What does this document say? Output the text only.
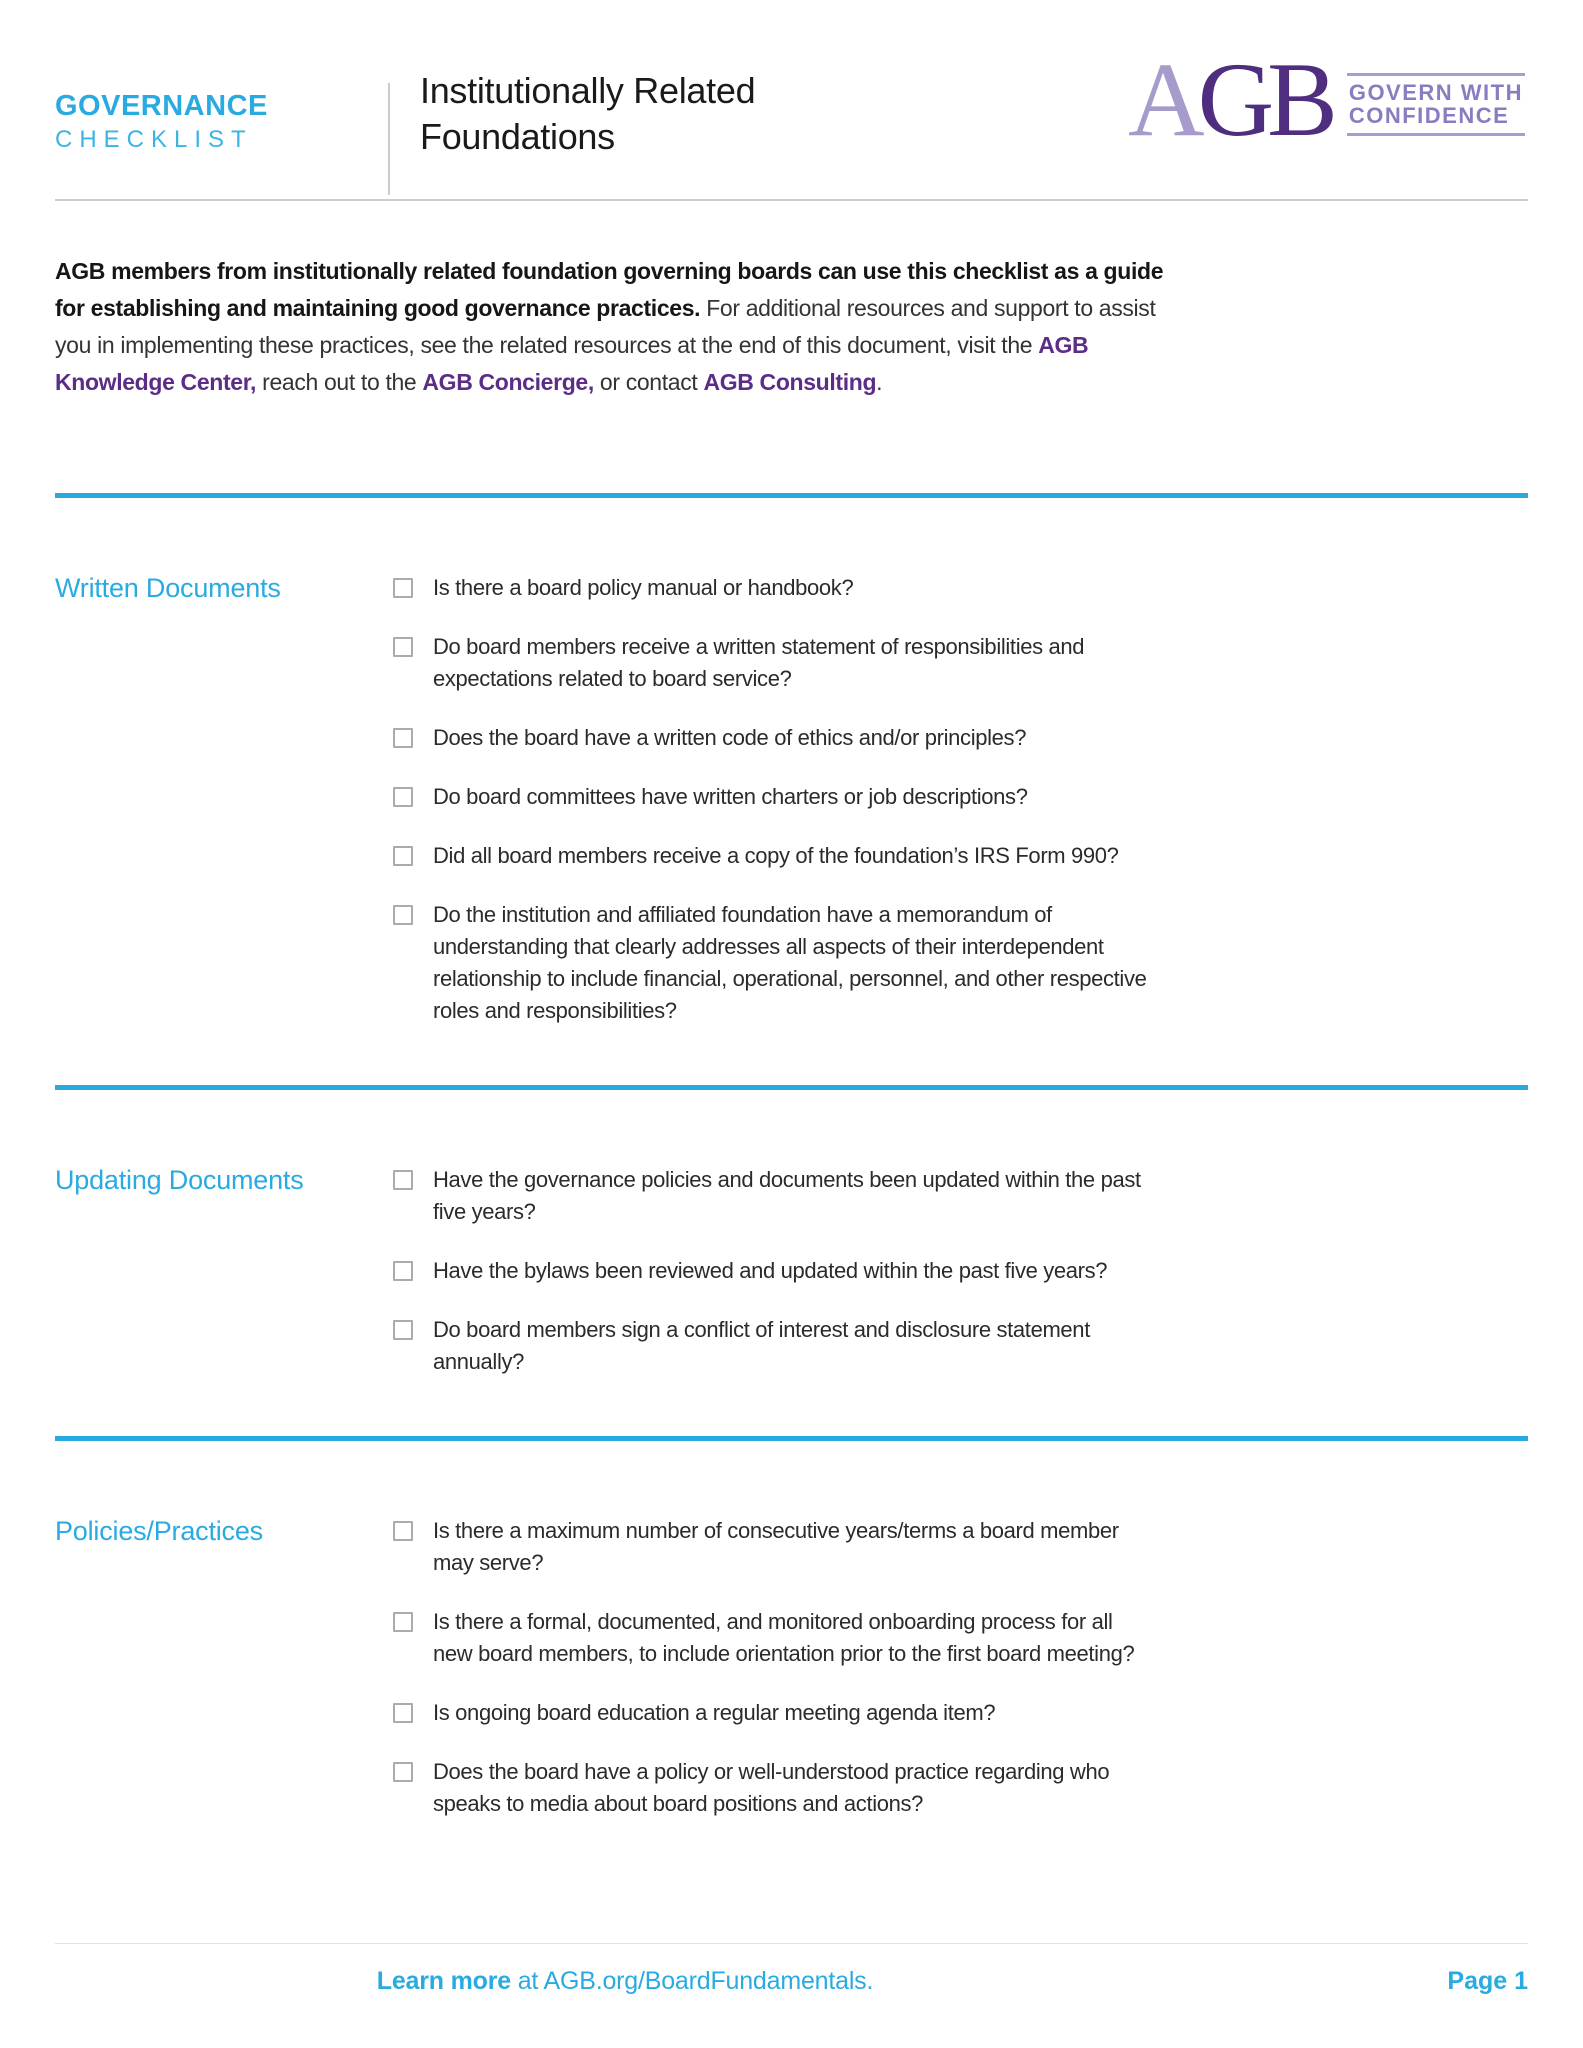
GOVERNANCE
CHECKLIST
Institutionally Related Foundations	AGB GOVERN WITH
CONFIDENCE

AGB members from institutionally related foundation governing boards can use this checklist as a guide for establishing and maintaining good governance practices. For additional resources and support to assist you in implementing these practices, see the related resources at the end of this document, visit the AGB Knowledge Center, reach out to the AGB Concierge, or contact AGB Consulting.

Written Documents	Is there a board policy manual or handbook?
Do board members receive a written statement of responsibilities and expectations related to board service?
Does the board have a written code of ethics and/or principles?
Do board committees have written charters or job descriptions?
Did all board members receive a copy of the foundation’s IRS Form 990?
Do the institution and affiliated foundation have a memorandum of understanding that clearly addresses all aspects of their interdependent relationship to include financial, operational, personnel, and other respective roles and responsibilities?
Updating Documents	Have the governance policies and documents been updated within the past five years?
Have the bylaws been reviewed and updated within the past five years?
Do board members sign a conflict of interest and disclosure statement annually?
Policies/Practices	Is there a maximum number of consecutive years/terms a board member may serve?
Is there a formal, documented, and monitored onboarding process for all new board members, to include orientation prior to the first board meeting?
Is ongoing board education a regular meeting agenda item?
Does the board have a policy or well-understood practice regarding who speaks to media about board positions and actions?
Learn more at AGB.org/BoardFundamentals.	Page 1
